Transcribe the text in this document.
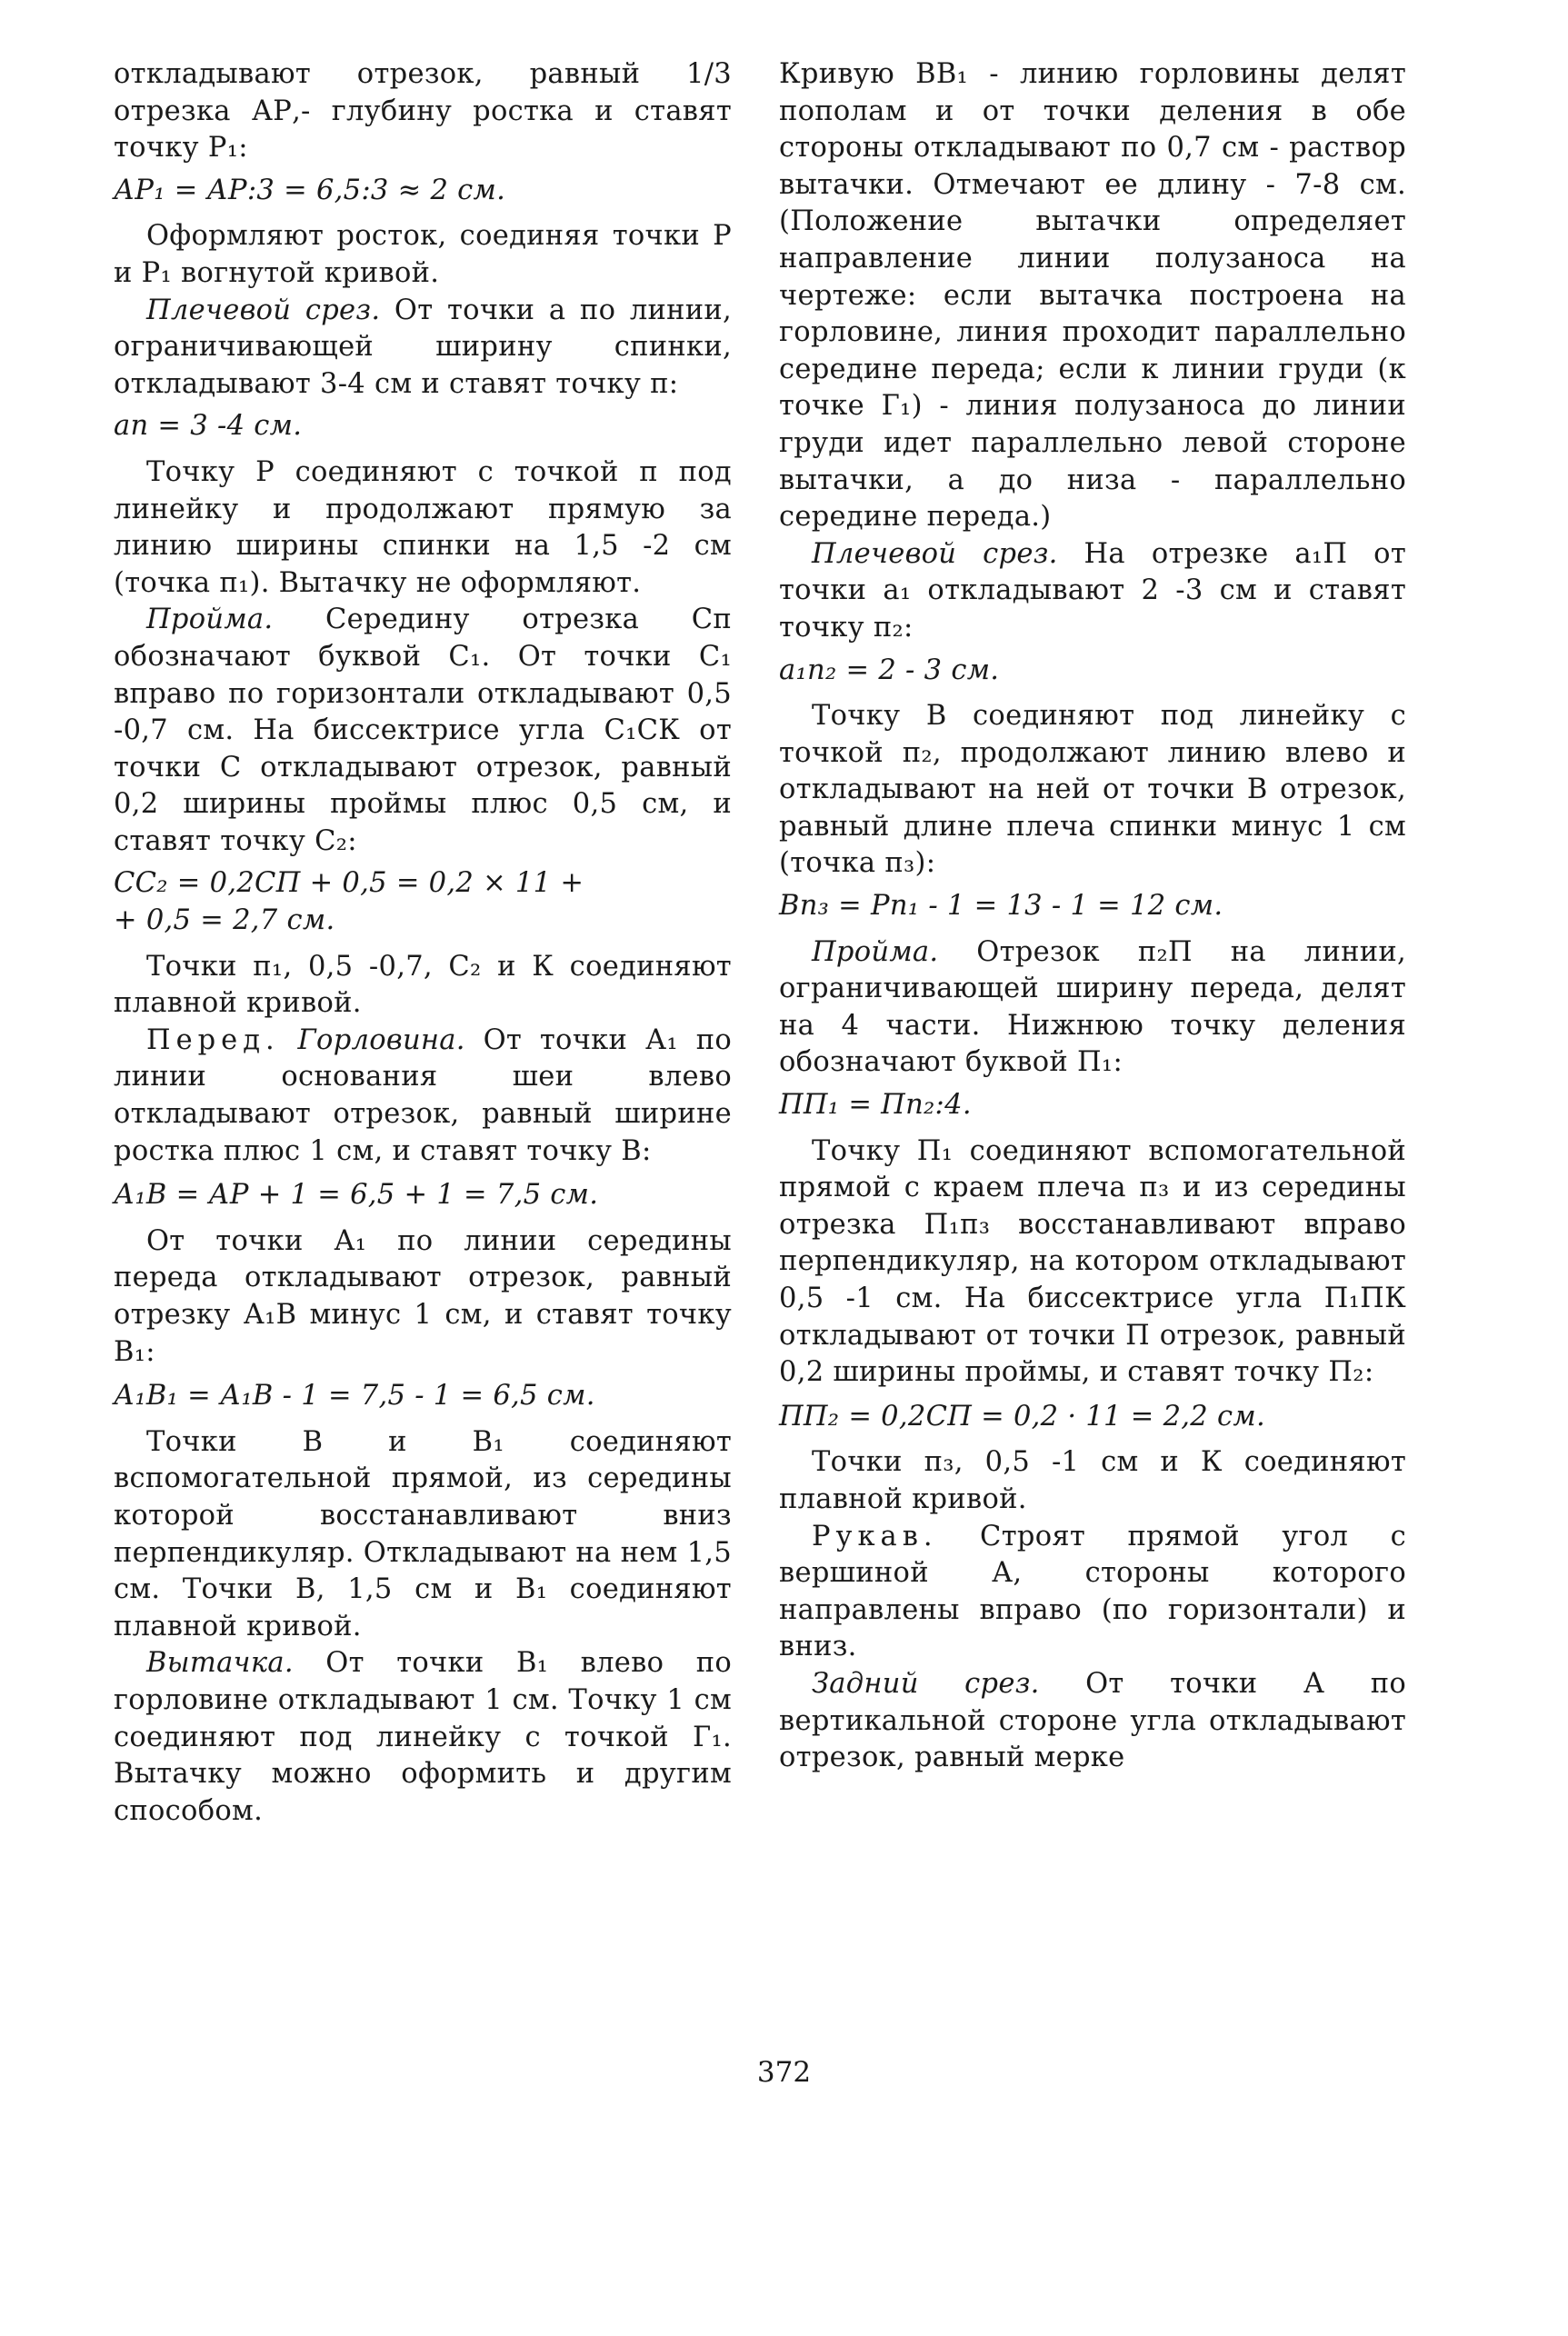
откладывают отрезок, равный 1/3 отрезка АР,- глубину ростка и ставят точку Р₁:

АР₁ = АР:3 = 6,5:3 ≈ 2 см.

Оформляют росток, соединяя точки Р и Р₁ вогнутой кривой.

Плечевой срез. От точки а по линии, ограничивающей ширину спинки, откладывают 3-4 см и ставят точку п:

ап = 3 -4 см.

Точку Р соединяют с точкой п под линейку и продолжают прямую за линию ширины спинки на 1,5 -2 см (точка п₁). Вытачку не оформляют.

Пройма. Середину отрезка Сп обозначают буквой С₁. От точки С₁ вправо по горизонтали откладывают 0,5 -0,7 см. На биссектрисе угла С₁СК от точки С откладывают отрезок, равный 0,2 ширины проймы плюс 0,5 см, и ставят точку С₂:

СС₂ = 0,2СП + 0,5 = 0,2 × 11 +

+ 0,5 = 2,7 см.

Точки п₁, 0,5 -0,7, С₂ и К соединяют плавной кривой.

Перед. Горловина. От точки А₁ по линии основания шеи влево откладывают отрезок, равный ширине ростка плюс 1 см, и ставят точку В:

А₁В = АР + 1 = 6,5 + 1 = 7,5 см.

От точки А₁ по линии середины переда откладывают отрезок, равный отрезку А₁В минус 1 см, и ставят точку В₁:

А₁В₁ = А₁В - 1 = 7,5 - 1 = 6,5 см.

Точки В и В₁ соединяют вспомогательной прямой, из середины которой восстанавливают вниз перпендикуляр. Откладывают на нем 1,5 см. Точки В, 1,5 см и В₁ соединяют плавной кривой.

Вытачка. От точки В₁ влево по горловине откладывают 1 см. Точку 1 см соединяют под линейку с точкой Г₁. Вытачку можно оформить и другим способом.

Кривую ВВ₁ - линию горловины делят пополам и от точки деления в обе стороны откладывают по 0,7 см - раствор вытачки. Отмечают ее длину - 7-8 см. (Положение вытачки определяет направление линии полузаноса на чертеже: если вытачка построена на горловине, линия проходит параллельно середине переда; если к линии груди (к точке Г₁) - линия полузаноса до линии груди идет параллельно левой стороне вытачки, а до низа - параллельно середине переда.)

Плечевой срез. На отрезке а₁П от точки а₁ откладывают 2 -3 см и ставят точку п₂:

а₁п₂ = 2 - 3 см.

Точку В соединяют под линейку с точкой п₂, продолжают линию влево и откладывают на ней от точки В отрезок, равный длине плеча спинки минус 1 см (точка п₃):

Вп₃ = Рп₁ - 1 = 13 - 1 = 12 см.

Пройма. Отрезок п₂П на линии, ограничивающей ширину переда, делят на 4 части. Нижнюю точку деления обозначают буквой П₁:

ПП₁ = Пп₂:4.

Точку П₁ соединяют вспомогательной прямой с краем плеча п₃ и из середины отрезка П₁п₃ восстанавливают вправо перпендикуляр, на котором откладывают 0,5 -1 см. На биссектрисе угла П₁ПК откладывают от точки П отрезок, равный 0,2 ширины проймы, и ставят точку П₂:

ПП₂ = 0,2СП = 0,2 · 11 = 2,2 см.

Точки п₃, 0,5 -1 см и К соединяют плавной кривой.

Рукав. Строят прямой угол с вершиной А, стороны которого направлены вправо (по горизонтали) и вниз.

Задний срез. От точки А по вертикальной стороне угла откладывают отрезок, равный мерке

372
